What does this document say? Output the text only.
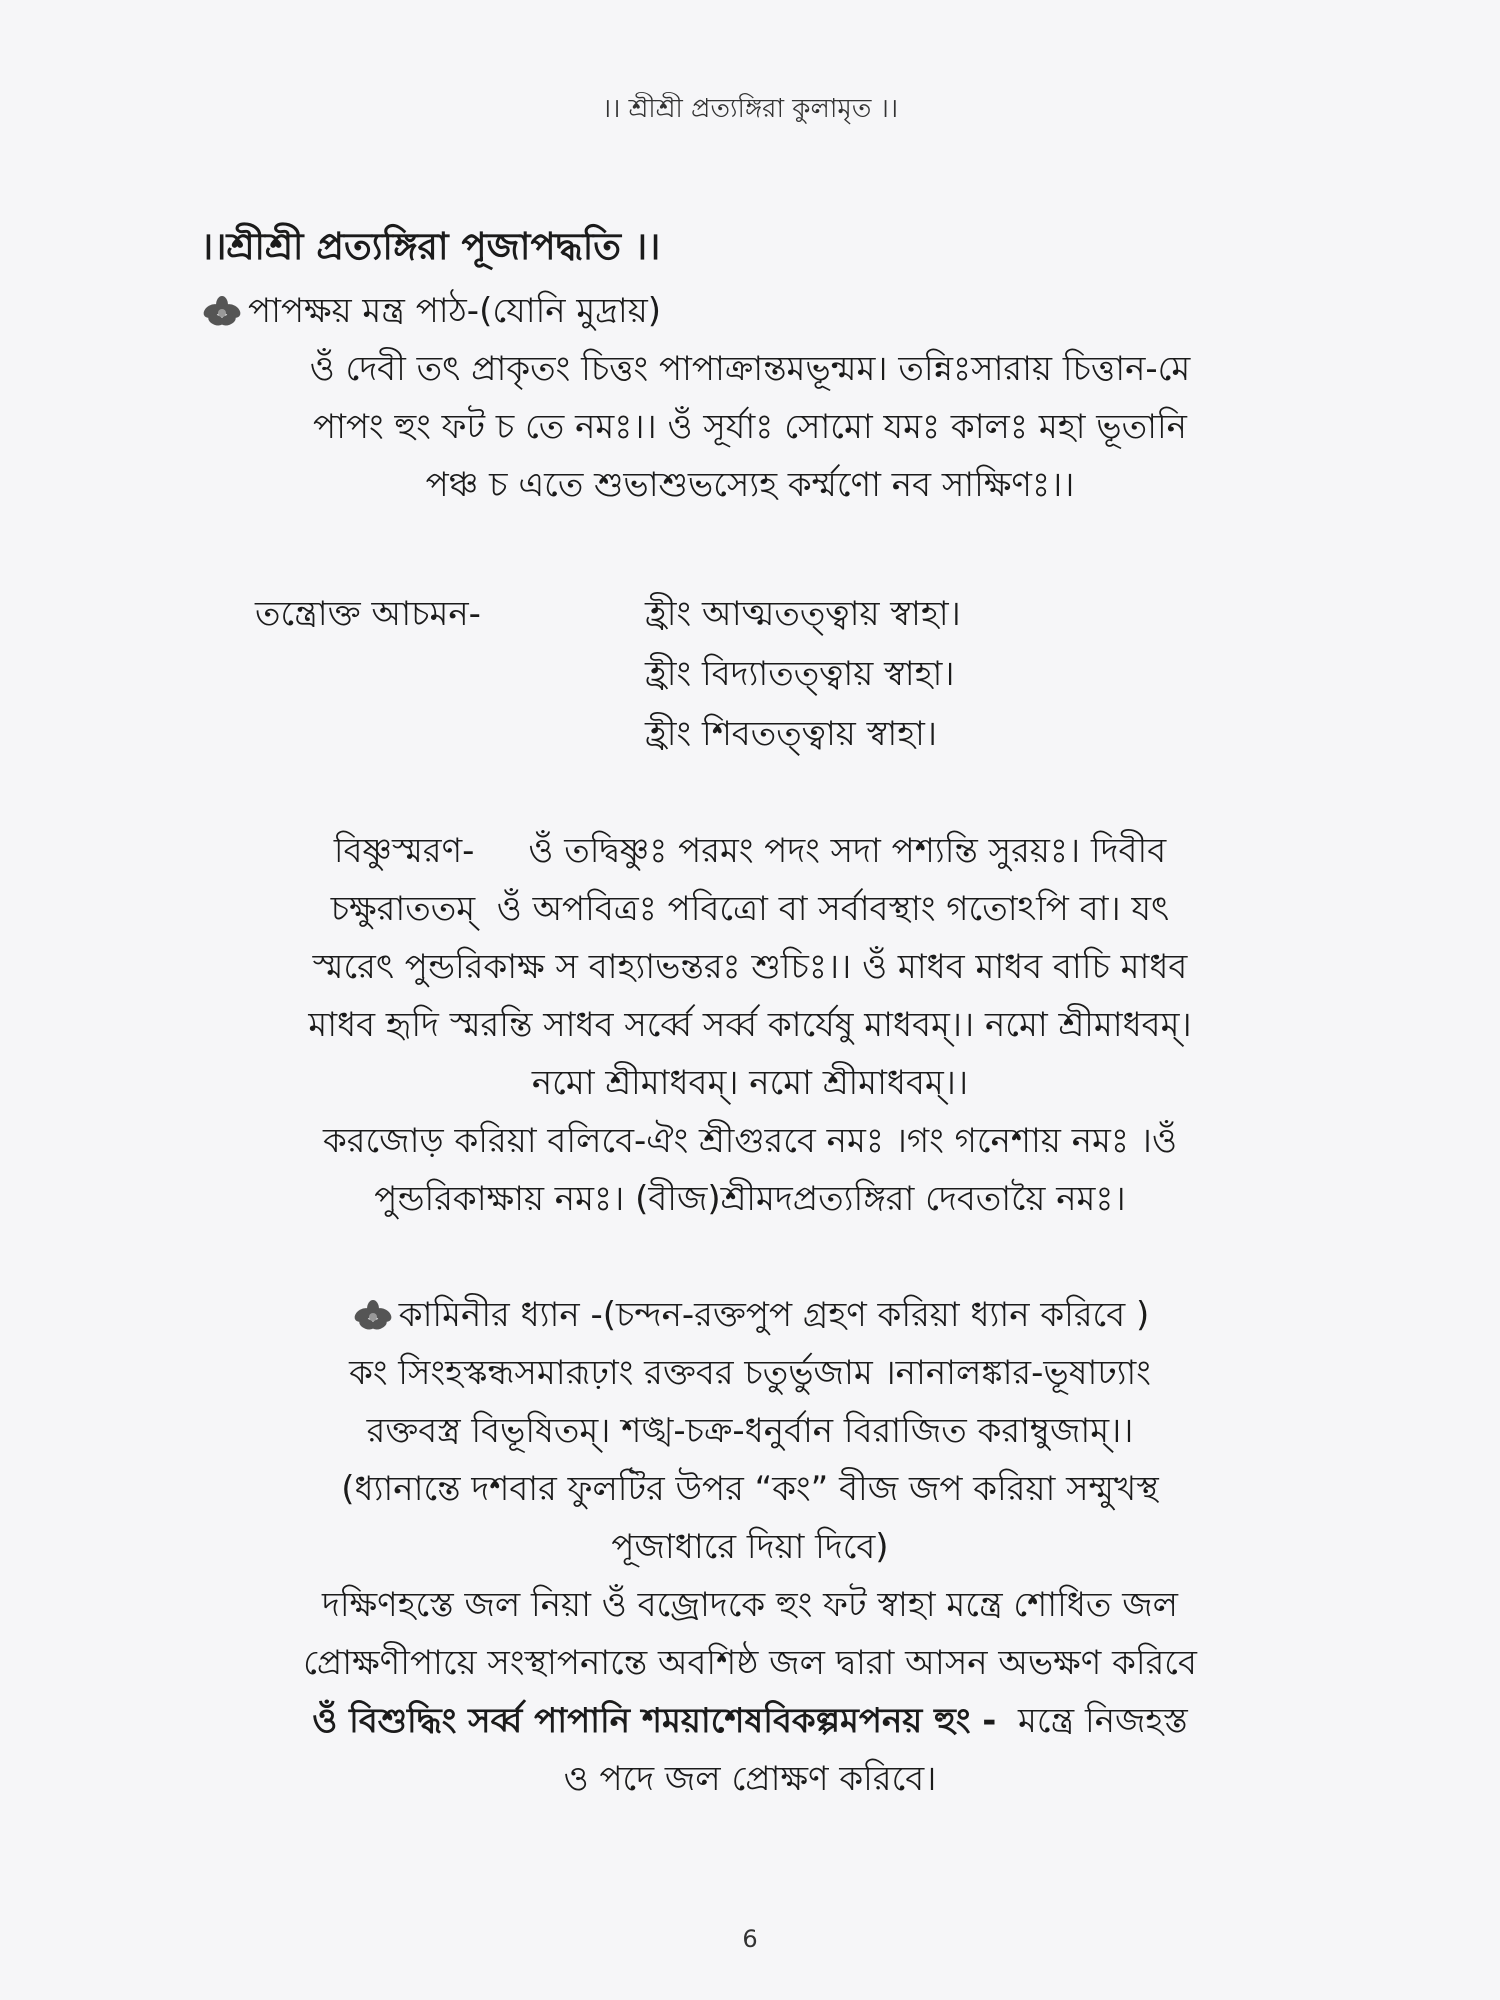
।। শ্রীশ্রী প্রত্যঙ্গিরা কুলামৃত ।।
।।শ্রীশ্রী প্রত্যঙ্গিরা পূজাপদ্ধতি ।।
পাপক্ষয় মন্ত্র পাঠ-(যোনি মুদ্রায়)

ওঁ দেবী তৎ প্রাকৃতং চিত্তং পাপাক্রান্তমভূন্মম। তন্নিঃসারায় চিত্তান-মে

পাপং হুং ফট চ তে নমঃ।। ওঁ সূর্যাঃ সোমো যমঃ কালঃ মহা ভূতানি

পঞ্চ চ এতে শুভাশুভস্যেহ কর্ম্মণো নব সাক্ষিণঃ।।

তন্ত্রোক্ত আচমন-	হ্রীং আত্মতত্ত্বায় স্বাহা।
হ্রীং বিদ্যাতত্ত্বায় স্বাহা।
হ্রীং শিবতত্ত্বায় স্বাহা।

বিষ্ণুস্মরণ-     ওঁ তদ্বিষ্ণুঃ পরমং পদং সদা পশ্যন্তি সুরয়ঃ। দিবীব

চক্ষুরাততম্  ওঁ অপবিত্রঃ পবিত্রো বা সর্বাবস্থাং গতোঽপি বা। যৎ

স্মরেৎ পুন্ডরিকাক্ষ স বাহ্যাভন্তরঃ শুচিঃ।। ওঁ মাধব মাধব বাচি মাধব

মাধব হৃদি স্মরন্তি সাধব সর্ব্বে সর্ব্ব কার্যেষু মাধবম্।। নমো শ্রীমাধবম্।

নমো শ্রীমাধবম্। নমো শ্রীমাধবম্।।

করজোড় করিয়া বলিবে-ঐং শ্রীগুরবে নমঃ ।গং গনেশায় নমঃ ।ওঁ

পুন্ডরিকাক্ষায় নমঃ। (বীজ)শ্রীমদপ্রত্যঙ্গিরা দেবতায়ৈ নমঃ।

কামিনীর ধ্যান -(চন্দন-রক্তপুপ গ্রহণ করিয়া ধ্যান করিবে )

কং সিংহস্কন্ধসমারূঢ়াং রক্তবর চতুর্ভুজাম ।নানালঙ্কার-ভূষাঢ্যাং

রক্তবস্ত্র বিভূষিতম্। শঙ্খ-চক্র-ধনুর্বান বিরাজিত করাম্বুজাম্।।

(ধ্যানান্তে দশবার ফুলটির উপর “কং” বীজ জপ করিয়া সম্মুখস্থ

পূজাধারে দিয়া দিবে)

দক্ষিণহস্তে জল নিয়া ওঁ বজ্রোদকে হুং ফট স্বাহা মন্ত্রে শোধিত জল

প্রোক্ষণীপায়ে সংস্থাপনান্তে অবশিষ্ঠ জল দ্বারা আসন অভক্ষণ করিবে

ওঁ বিশুদ্ধিং সর্ব্ব পাপানি শময়াশেষবিকল্পমপনয় হুং -  মন্ত্রে নিজহস্ত

ও পদে জল প্রোক্ষণ করিবে।

6
